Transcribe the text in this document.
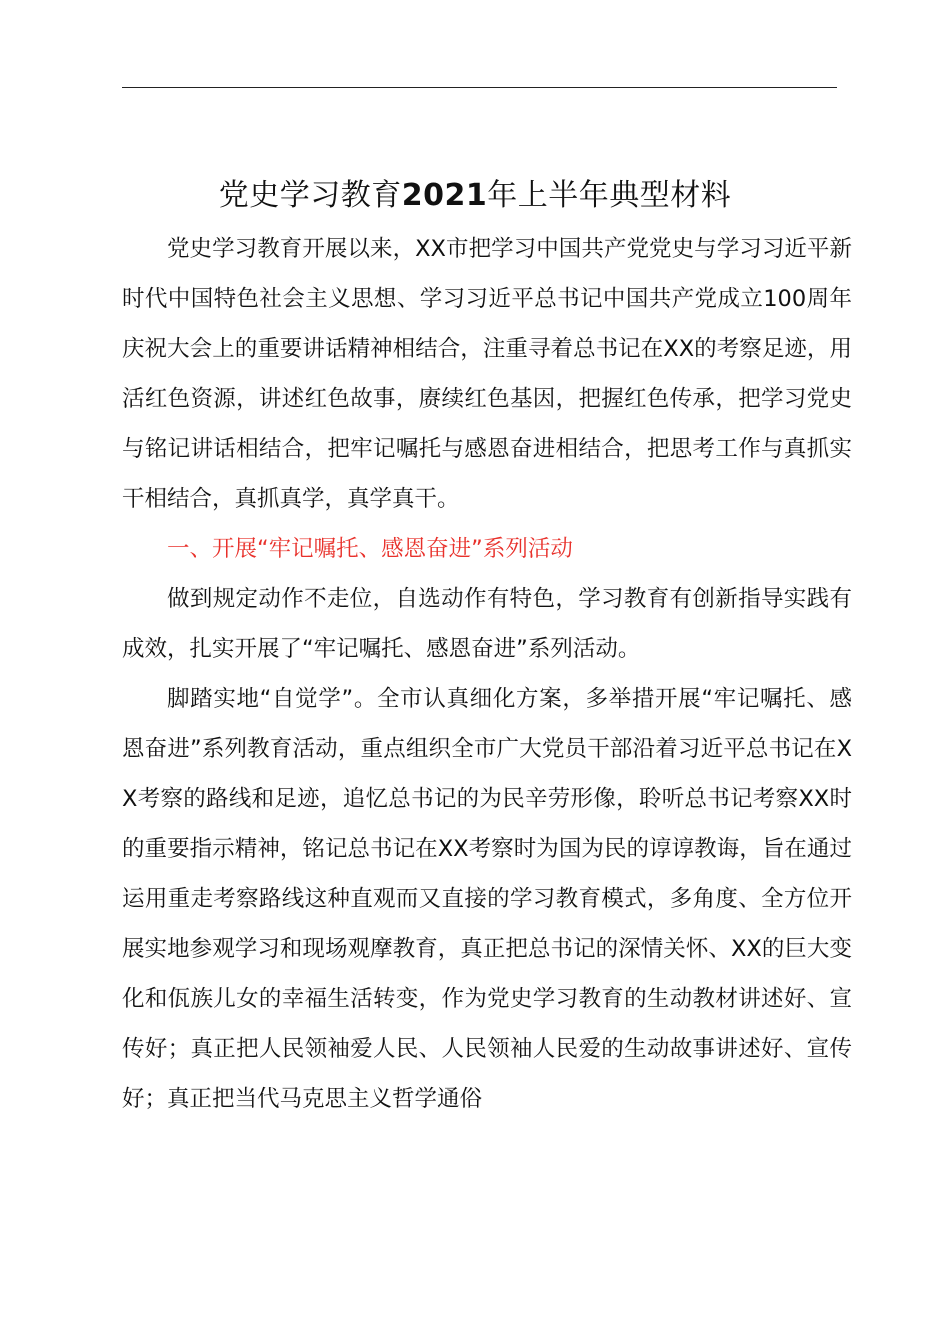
党史学习教育2021年上半年典型材料

党史学习教育开展以来，XX市把学习中国共产党党史与学习习近平新时代中国特色社会主义思想、学习习近平总书记中国共产党成立100周年庆祝大会上的重要讲话精神相结合，注重寻着总书记在XX的考察足迹，用活红色资源，讲述红色故事，赓续红色基因，把握红色传承，把学习党史与铭记讲话相结合，把牢记嘱托与感恩奋进相结合，把思考工作与真抓实干相结合，真抓真学，真学真干。

一、开展“牢记嘱托、感恩奋进”系列活动

做到规定动作不走位，自选动作有特色，学习教育有创新指导实践有成效，扎实开展了“牢记嘱托、感恩奋进”系列活动。

脚踏实地“自觉学”。全市认真细化方案，多举措开展“牢记嘱托、感恩奋进”系列教育活动，重点组织全市广大党员干部沿着习近平总书记在XX考察的路线和足迹，追忆总书记的为民辛劳形像，聆听总书记考察XX时的重要指示精神，铭记总书记在XX考察时为国为民的谆谆教诲，旨在通过运用重走考察路线这种直观而又直接的学习教育模式，多角度、全方位开展实地参观学习和现场观摩教育，真正把总书记的深情关怀、XX的巨大变化和佤族儿女的幸福生活转变，作为党史学习教育的生动教材讲述好、宣传好；真正把人民领袖爱人民、人民领袖人民爱的生动故事讲述好、宣传好；真正把当代马克思主义哲学通俗
